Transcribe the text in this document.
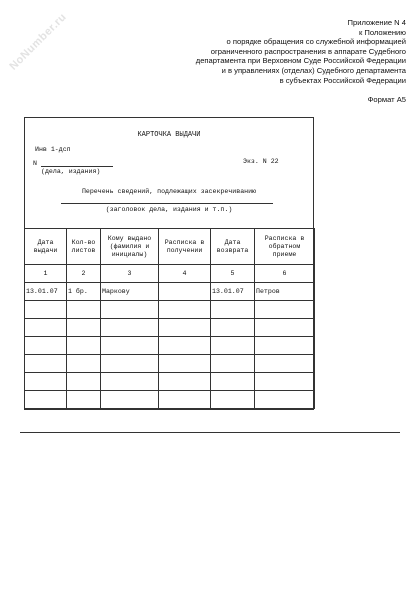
NoNumber.ru	Приложение N 4
к Положению
о порядке обращения со служебной информацией
ограниченного распространения в аппарате Судебного
департамента при Верховном Суде Российской Федерации
и в управлениях (отделах) Судебного департамента
в субъектах Российской Федерации
Формат А5
КАРТОЧКА ВЫДАЧИ
Инв 1-дсп
N
(дела, издания)
Экз. N 22
Перечень сведений, подлежащих засекречиванию
(заголовок дела, издания и т.п.)
Дата выдачи	Кол-во листов	Кому выдано (фамилия и инициалы)	Расписка в получении	Дата возврата	Расписка в обратном приеме
1	2	3	4	5	6
13.01.07	1 бр.	Маркову		13.01.07	Петров
